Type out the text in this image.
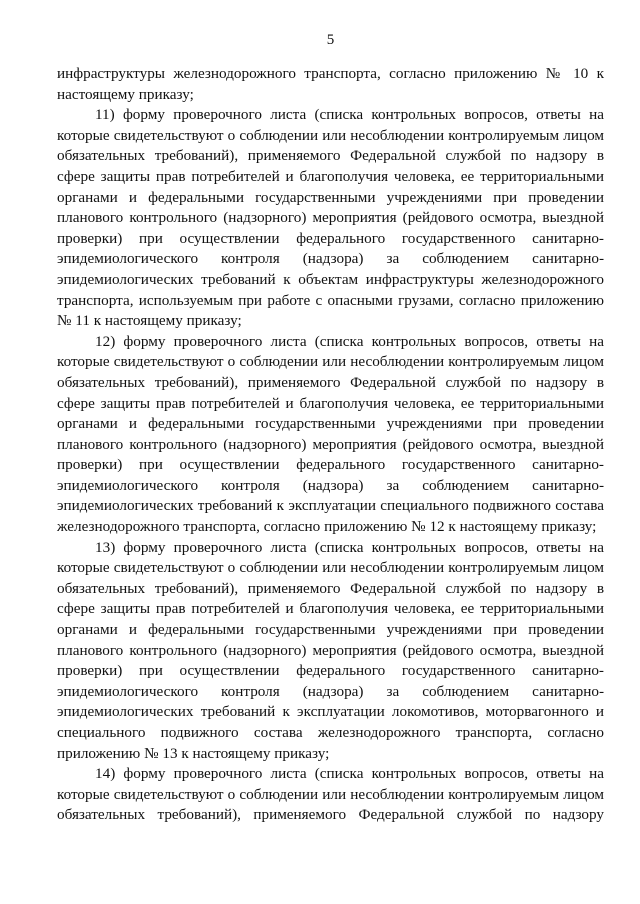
5

инфраструктуры железнодорожного транспорта, согласно приложению № 10 к настоящему приказу;

11) форму проверочного листа (списка контрольных вопросов, ответы на которые свидетельствуют о соблюдении или несоблюдении контролируемым лицом обязательных требований), применяемого Федеральной службой по надзору в сфере защиты прав потребителей и благополучия человека, ее территориальными органами и федеральными государственными учреждениями при проведении планового контрольного (надзорного) мероприятия (рейдового осмотра, выездной проверки) при осуществлении федерального государственного санитарно-эпидемиологического контроля (надзора) за соблюдением санитарно-эпидемиологических требований к объектам инфраструктуры железнодорожного транспорта, используемым при работе с опасными грузами, согласно приложению № 11 к настоящему приказу;

12) форму проверочного листа (списка контрольных вопросов, ответы на которые свидетельствуют о соблюдении или несоблюдении контролируемым лицом обязательных требований), применяемого Федеральной службой по надзору в сфере защиты прав потребителей и благополучия человека, ее территориальными органами и федеральными государственными учреждениями при проведении планового контрольного (надзорного) мероприятия (рейдового осмотра, выездной проверки) при осуществлении федерального государственного санитарно-эпидемиологического контроля (надзора) за соблюдением санитарно-эпидемиологических требований к эксплуатации специального подвижного состава железнодорожного транспорта, согласно приложению № 12 к настоящему приказу;

13) форму проверочного листа (списка контрольных вопросов, ответы на которые свидетельствуют о соблюдении или несоблюдении контролируемым лицом обязательных требований), применяемого Федеральной службой по надзору в сфере защиты прав потребителей и благополучия человека, ее территориальными органами и федеральными государственными учреждениями при проведении планового контрольного (надзорного) мероприятия (рейдового осмотра, выездной проверки) при осуществлении федерального государственного санитарно-эпидемиологического контроля (надзора) за соблюдением санитарно-эпидемиологических требований к эксплуатации локомотивов, моторвагонного и специального подвижного состава железнодорожного транспорта, согласно приложению № 13 к настоящему приказу;

14) форму проверочного листа (списка контрольных вопросов, ответы на которые свидетельствуют о соблюдении или несоблюдении контролируемым лицом обязательных требований), применяемого Федеральной службой по надзору
